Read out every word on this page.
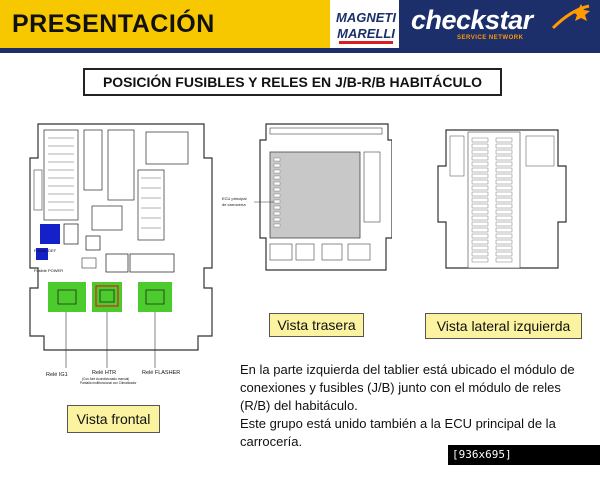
PRESENTACIÓN	MAGNETI
MARELLI checkstar
SERVICE NETWORK
POSICIÓN FUSIBLES Y RELES EN J/B-R/B HABITÁCULO
Fusible DEF
Fusible POWER
Relé IG1	Relé HTR
(Con Aire Acondicionado manual)
Pantalla multifuncional con Climatizador
Relé FLASHER
ECU principal
de carrocería
Vista frontal
Vista trasera	Vista lateral izquierda
En la parte izquierda del tablier está ubicado el módulo de
conexiones y fusibles (J/B) junto con el módulo de reles
(R/B) del habitáculo.
Este grupo está unido también a la ECU principal de la
carrocería.
[936x695] http://upic.me/
